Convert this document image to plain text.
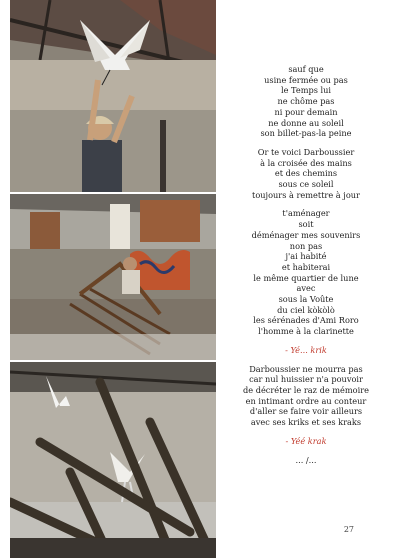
sauf que
usine fermée ou pas
le Temps lui
ne chôme pas
ni pour demain
ne donne au soleil
son billet-pas-la peine
Or te voici Darboussier
à la croisée des mains
et des chemins
sous ce soleil
toujours à remettre à jour
t'aménager
soit
déménager mes souvenirs
non pas
j'ai habité
et habiterai
le même quartier de lune
avec
sous la Voûte
du ciel kòkòlò
les sérénades d'Ami Roro
l'homme à la clarinette
- Yé... krik
Darboussier ne mourra pas
car nul huissier n'a pouvoir
de décréter le raz de mémoire
en intimant ordre au conteur
d'aller se faire voir ailleurs
avec ses kriks et ses kraks
- Yéé krak
... /...
27
